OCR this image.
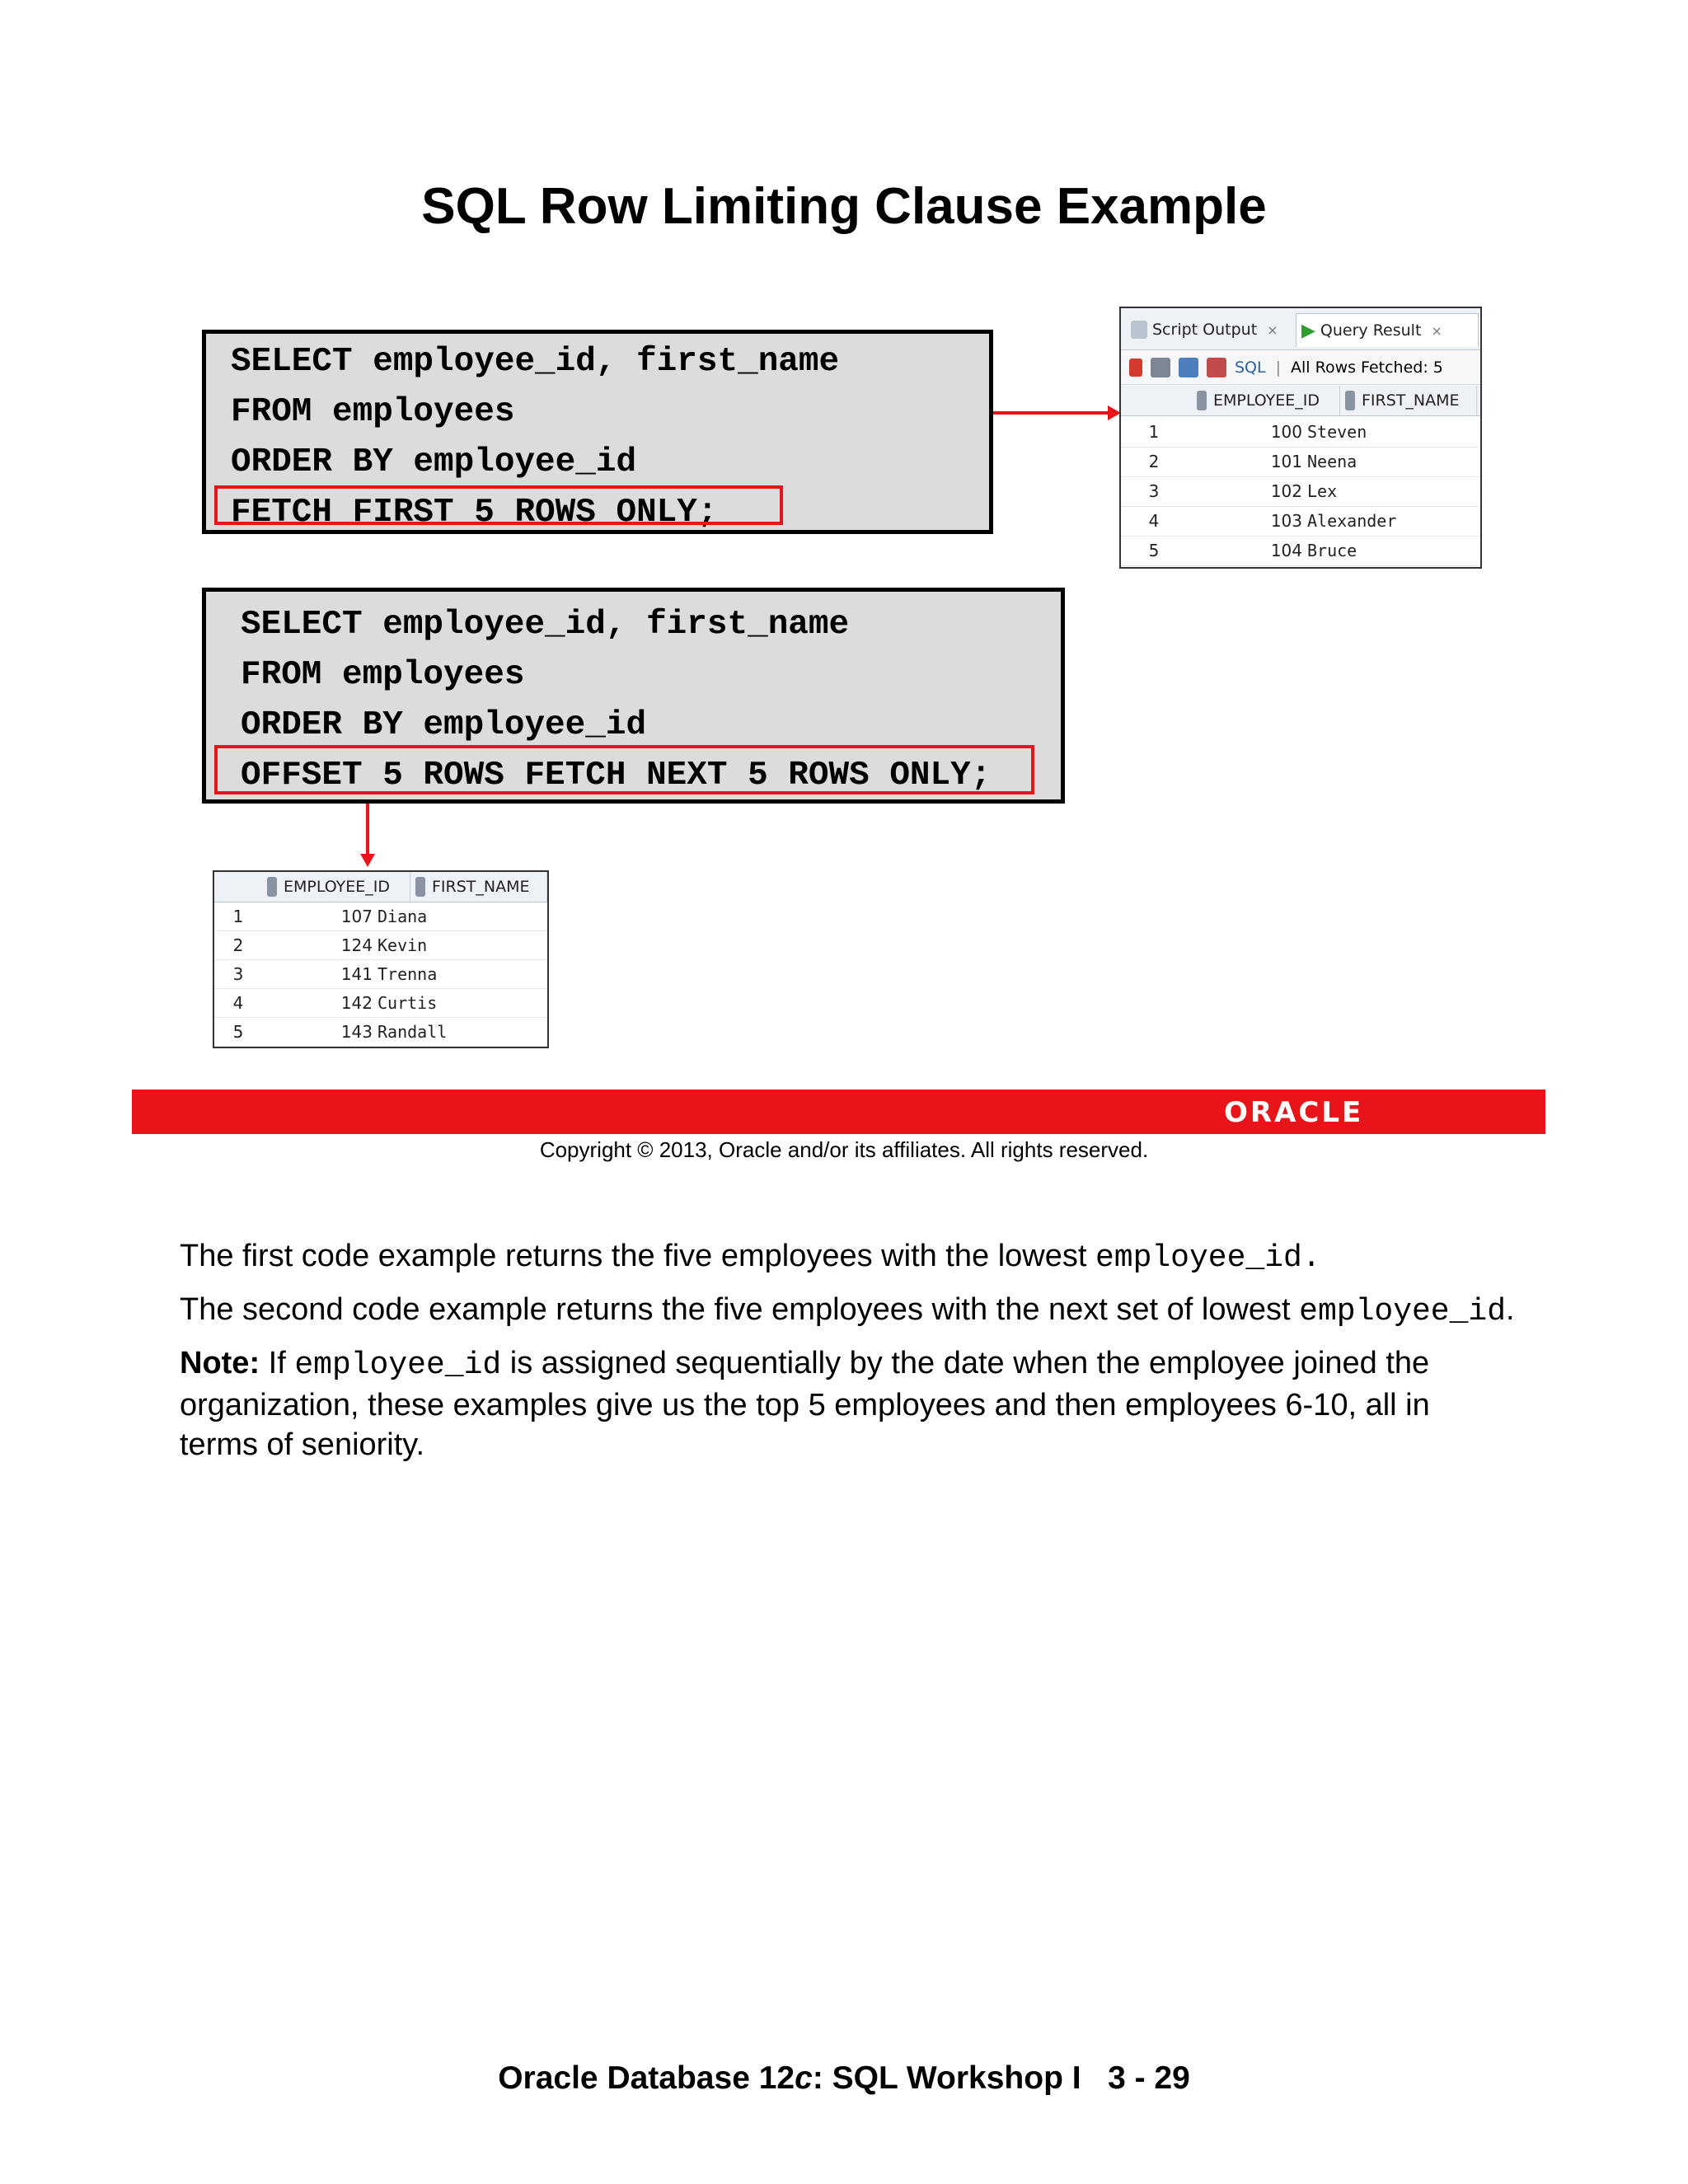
SQL Row Limiting Clause Example
SELECT employee_id, first_name
FROM employees
ORDER BY employee_id
FETCH FIRST 5 ROWS ONLY;
Script Output × ▶ Query Result ×
SQL | All Rows Fetched: 5
EMPLOYEE_ID	FIRST_NAME
1	100 Steven
2	101 Neena
3	102 Lex
4	103 Alexander
5	104 Bruce
SELECT employee_id, first_name
FROM employees
ORDER BY employee_id
OFFSET 5 ROWS FETCH NEXT 5 ROWS ONLY;
EMPLOYEE_ID	FIRST_NAME
1	107 Diana
2	124 Kevin
3	141 Trenna
4	142 Curtis
5	143 Randall
ORACLE
Copyright © 2013, Oracle and/or its affiliates. All rights reserved.

The first code example returns the five employees with the lowest employee_id.

The second code example returns the five employees with the next set of lowest employee_id.

Note: If employee_id is assigned sequentially by the date when the employee joined the organization, these examples give us the top 5 employees and then employees 6-10, all in terms of seniority.

Oracle Database 12c: SQL Workshop I   3 - 29
